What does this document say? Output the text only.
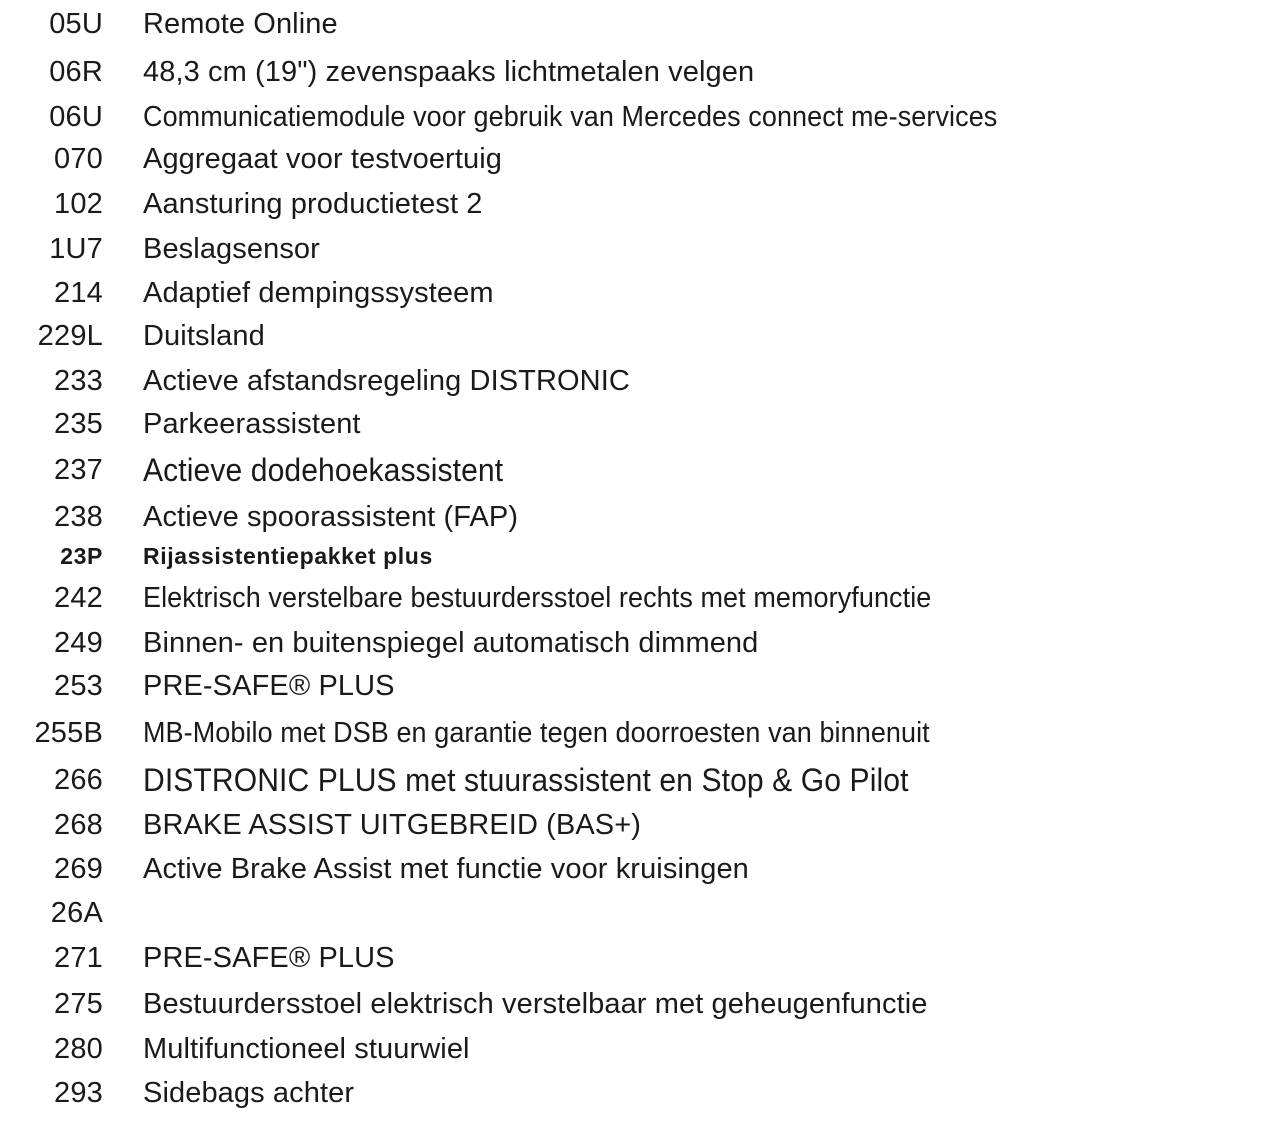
05U Remote Online
06R 48,3 cm (19") zevenspaaks lichtmetalen velgen
06U Communicatiemodule voor gebruik van Mercedes connect me-services
070 Aggregaat voor testvoertuig
102 Aansturing productietest 2
1U7 Beslagsensor
214 Adaptief dempingssysteem
229L Duitsland
233 Actieve afstandsregeling DISTRONIC
235 Parkeerassistent
237 Actieve dodehoekassistent
238 Actieve spoorassistent (FAP)
23P Rijassistentiepakket plus
242 Elektrisch verstelbare bestuurdersstoel rechts met memoryfunctie
249 Binnen- en buitenspiegel automatisch dimmend
253 PRE-SAFE® PLUS
255B MB-Mobilo met DSB en garantie tegen doorroesten van binnenuit
266 DISTRONIC PLUS met stuurassistent en Stop & Go Pilot
268 BRAKE ASSIST UITGEBREID (BAS+)
269 Active Brake Assist met functie voor kruisingen
26A
271 PRE-SAFE® PLUS
275 Bestuurdersstoel elektrisch verstelbaar met geheugenfunctie
280 Multifunctioneel stuurwiel
293 Sidebags achter
